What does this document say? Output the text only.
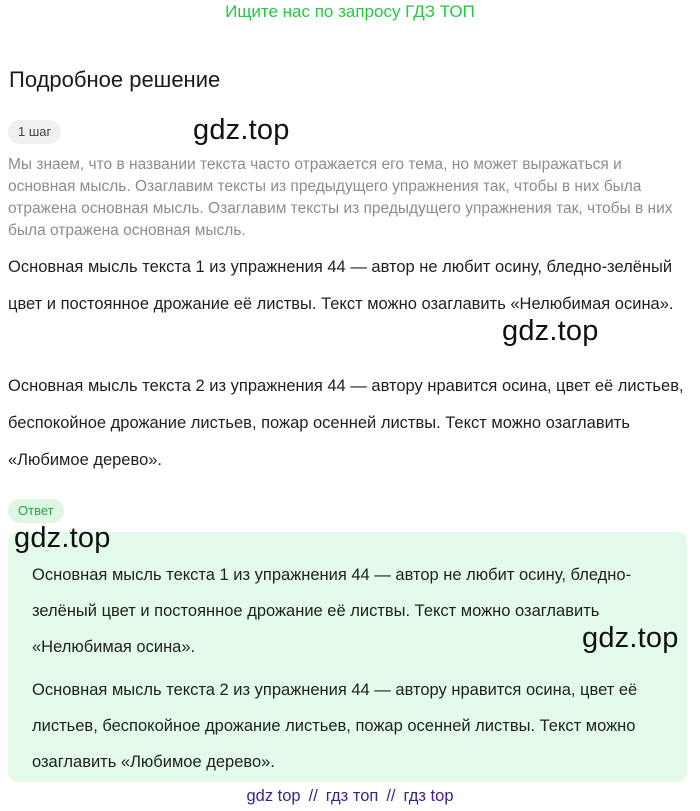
Ищите нас по запросу ГДЗ ТОП
Подробное решение
1 шаг	gdz.top
Мы знаем, что в названии текста часто отражается его тема, но может выражаться и основная мысль. Озаглавим тексты из предыдущего упражнения так, чтобы в них была отражена основная мысль. Озаглавим тексты из предыдущего упражнения так, чтобы в них была отражена основная мысль.
Основная мысль текста 1 из упражнения 44 — автор не любит осину, бледно-зелёный цвет и постоянное дрожание её листвы. Текст можно озаглавить «Нелюбимая осина».
gdz.top
Основная мысль текста 2 из упражнения 44 — автору нравится осина, цвет её листьев, беспокойное дрожание листьев, пожар осенней листвы. Текст можно озаглавить «Любимое дерево».
Ответ
gdz.top
Основная мысль текста 1 из упражнения 44 — автор не любит осину, бледно-зелёный цвет и постоянное дрожание её листвы. Текст можно озаглавить «Нелюбимая осина».	gdz.top
Основная мысль текста 2 из упражнения 44 — автору нравится осина, цвет её листьев, беспокойное дрожание листьев, пожар осенней листвы. Текст можно озаглавить «Любимое дерево».
gdz top // гдз топ // гдз top
